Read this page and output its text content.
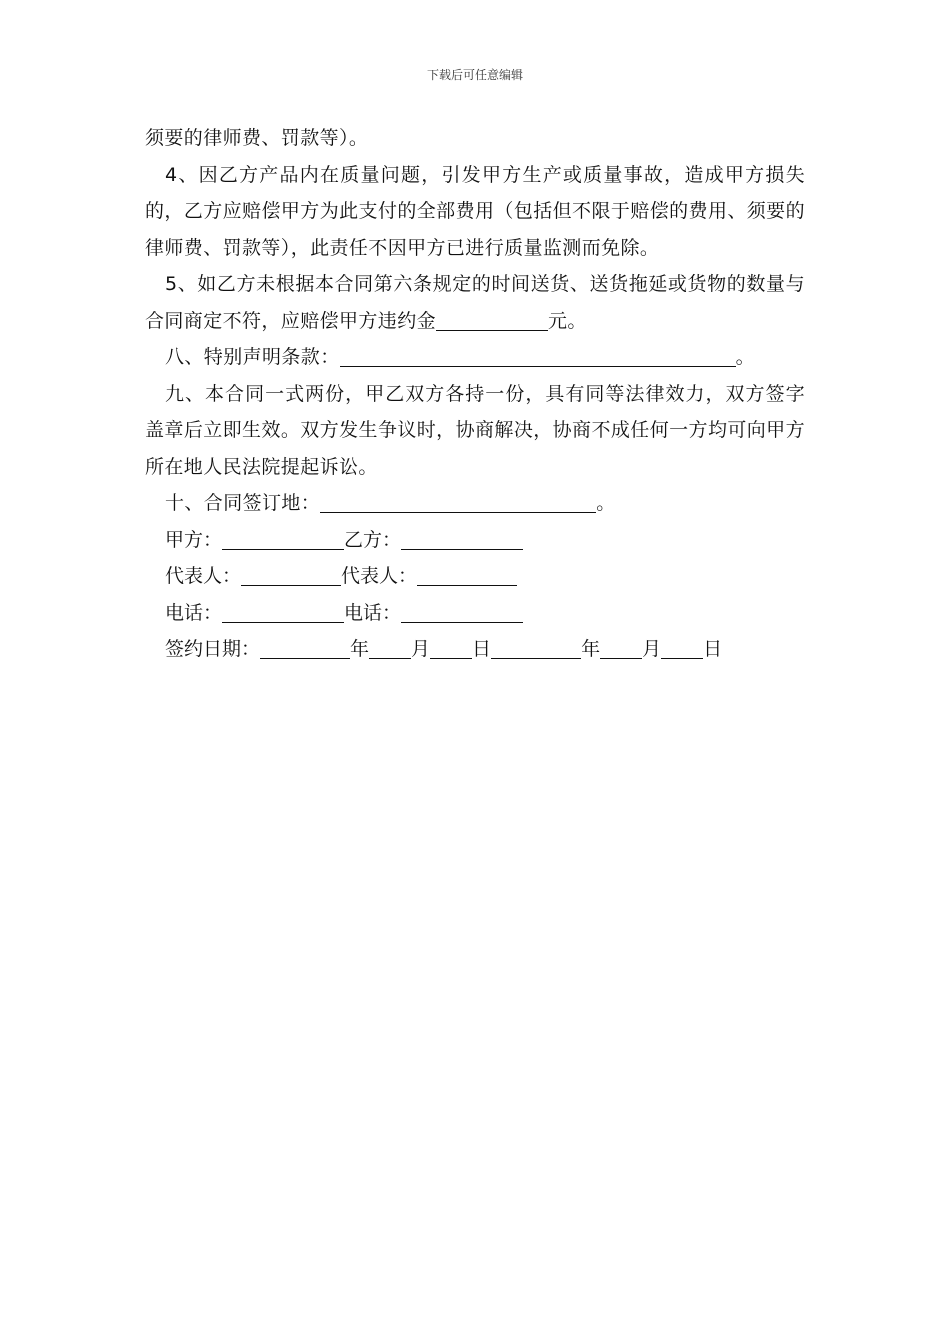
下载后可任意编辑

须要的律师费、罚款等）。

4、因乙方产品内在质量问题，引发甲方生产或质量事故，造成甲方损失的，乙方应赔偿甲方为此支付的全部费用（包括但不限于赔偿的费用、须要的律师费、罚款等），此责任不因甲方已进行质量监测而免除。

5、如乙方未根据本合同第六条规定的时间送货、送货拖延或货物的数量与合同商定不符，应赔偿甲方违约金	元。

八、特别声明条款：	。

九、本合同一式两份，甲乙双方各持一份，具有同等法律效力，双方签字盖章后立即生效。双方发生争议时，协商解决，协商不成任何一方均可向甲方所在地人民法院提起诉讼。

十、合同签订地：	。

甲方：	乙方：

代表人：	代表人：

电话：	电话：

签约日期：	年 月 日	年 月 日
